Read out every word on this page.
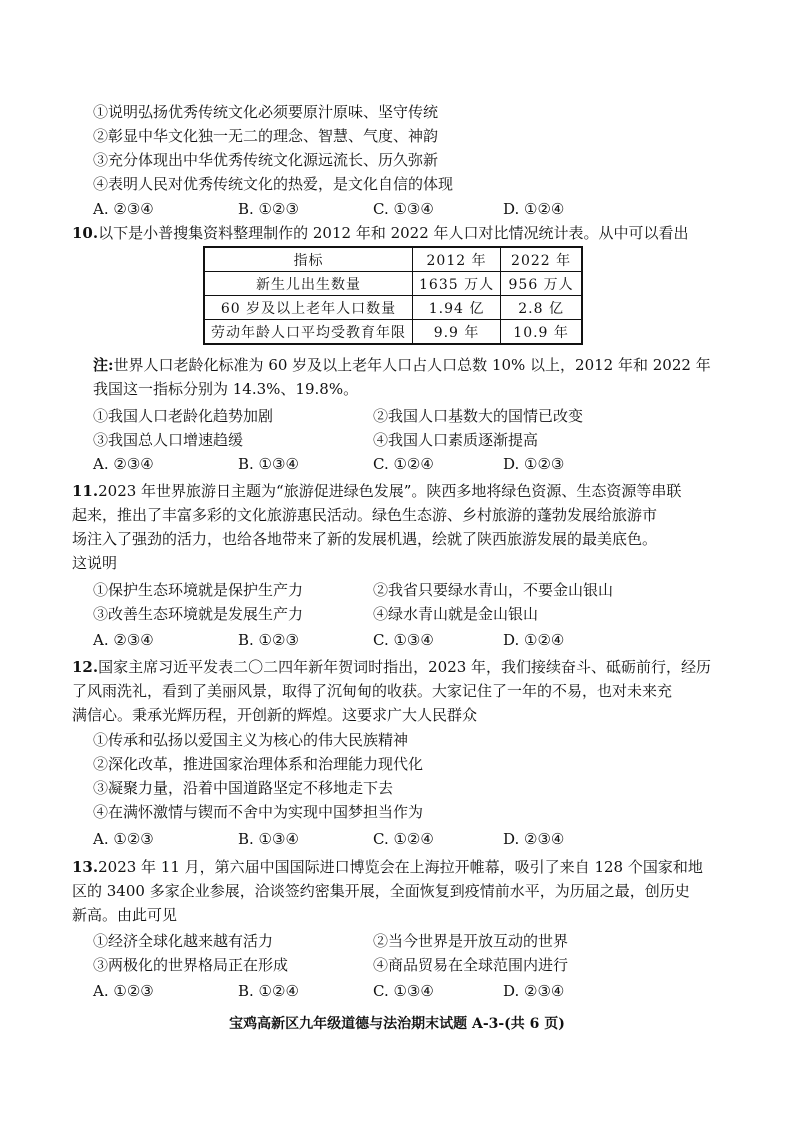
①说明弘扬优秀传统文化必须要原汁原味、坚守传统
②彰显中华文化独一无二的理念、智慧、气度、神韵
③充分体现出中华优秀传统文化源远流长、历久弥新
④表明人民对优秀传统文化的热爱，是文化自信的体现
A. ②③④	B. ①②③	C. ①③④	D. ①②④
10.以下是小普搜集资料整理制作的 2012 年和 2022 年人口对比情况统计表。从中可以看出
指标	2012 年	2022 年
新生儿出生数量	1635 万人	956 万人
60 岁及以上老年人口数量	1.94 亿	2.8 亿
劳动年龄人口平均受教育年限	9.9 年	10.9 年
注:世界人口老龄化标准为 60 岁及以上老年人口占人口总数 10% 以上，2012 年和 2022 年
我国这一指标分别为 14.3%、19.8%。
①我国人口老龄化趋势加剧	②我国人口基数大的国情已改变
③我国总人口增速趋缓	④我国人口素质逐渐提高
A. ②③④	B. ①③④	C. ①②④	D. ①②③
11.2023 年世界旅游日主题为“旅游促进绿色发展”。陕西多地将绿色资源、生态资源等串联
起来，推出了丰富多彩的文化旅游惠民活动。绿色生态游、乡村旅游的蓬勃发展给旅游市
场注入了强劲的活力，也给各地带来了新的发展机遇，绘就了陕西旅游发展的最美底色。
这说明
①保护生态环境就是保护生产力	②我省只要绿水青山，不要金山银山
③改善生态环境就是发展生产力	④绿水青山就是金山银山
A. ②③④	B. ①②③	C. ①③④	D. ①②④
12.国家主席习近平发表二〇二四年新年贺词时指出，2023 年，我们接续奋斗、砥砺前行，经历
了风雨洗礼，看到了美丽风景，取得了沉甸甸的收获。大家记住了一年的不易，也对未来充
满信心。秉承光辉历程，开创新的辉煌。这要求广大人民群众
①传承和弘扬以爱国主义为核心的伟大民族精神
②深化改革，推进国家治理体系和治理能力现代化
③凝聚力量，沿着中国道路坚定不移地走下去
④在满怀激情与锲而不舍中为实现中国梦担当作为
A. ①②③	B. ①③④	C. ①②④	D. ②③④
13.2023 年 11 月，第六届中国国际进口博览会在上海拉开帷幕，吸引了来自 128 个国家和地
区的 3400 多家企业参展，洽谈签约密集开展，全面恢复到疫情前水平，为历届之最，创历史
新高。由此可见
①经济全球化越来越有活力	②当今世界是开放互动的世界
③两极化的世界格局正在形成	④商品贸易在全球范围内进行
A. ①②③	B. ①②④	C. ①③④	D. ②③④
宝鸡高新区九年级道德与法治期末试题 A-3-(共 6 页)
